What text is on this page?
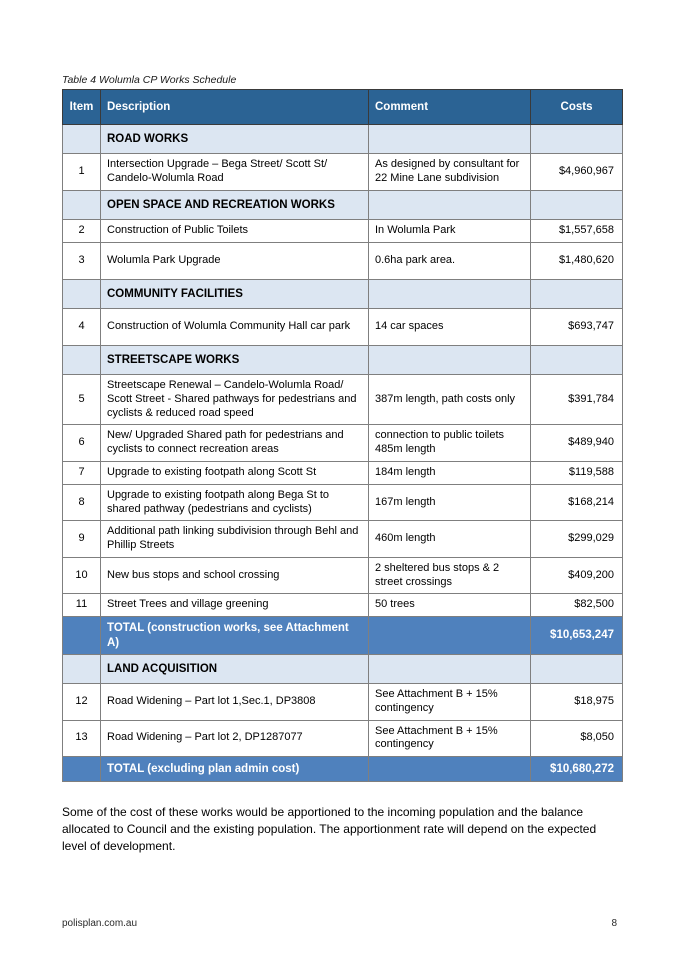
Table 4 Wolumla CP Works Schedule

Item	Description	Comment	Costs
	ROAD WORKS		
1	Intersection Upgrade – Bega Street/ Scott St/ Candelo-Wolumla Road	As designed by consultant for 22 Mine Lane subdivision	$4,960,967
	OPEN SPACE AND RECREATION WORKS		
2	Construction of Public Toilets	In Wolumla Park	$1,557,658
3	Wolumla Park Upgrade	0.6ha park area.	$1,480,620
	COMMUNITY FACILITIES		
4	Construction of Wolumla Community Hall car park	14 car spaces	$693,747
	STREETSCAPE WORKS		
5	Streetscape Renewal – Candelo-Wolumla Road/ Scott Street - Shared pathways for pedestrians and cyclists & reduced road speed	387m length, path costs only	$391,784
6	New/ Upgraded Shared path for pedestrians and cyclists to connect recreation areas	connection to public toilets 485m length	$489,940
7	Upgrade to existing footpath along Scott St	184m length	$119,588
8	Upgrade to existing footpath along Bega St to shared pathway (pedestrians and cyclists)	167m length	$168,214
9	Additional path linking subdivision through Behl and Phillip Streets	460m length	$299,029
10	New bus stops and school crossing	2 sheltered bus stops & 2 street crossings	$409,200
11	Street Trees and village greening	50 trees	$82,500
	TOTAL (construction works, see Attachment A)		$10,653,247
	LAND ACQUISITION		
12	Road Widening – Part lot 1,Sec.1, DP3808	See Attachment B + 15% contingency	$18,975
13	Road Widening – Part lot 2, DP1287077	See Attachment B + 15% contingency	$8,050
	TOTAL (excluding plan admin cost)		$10,680,272

Some of the cost of these works would be apportioned to the incoming population and the balance allocated to Council and the existing population. The apportionment rate will depend on the expected level of development.

polisplan.com.au	8
